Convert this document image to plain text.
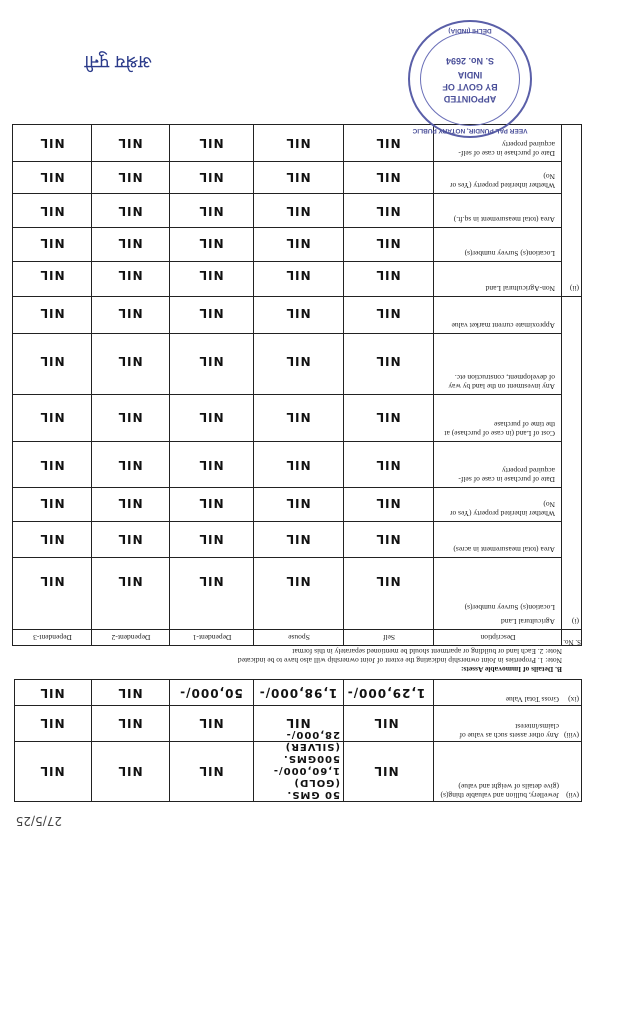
(vii)
Jewellery, bullion and valuable thing(s) (give details of weight and value)
NIL
50 GMS. (GOLD) 1,60,000/- 500GMS. (SILVER) 28,000/-
NIL
NIL
NIL
(viii)
Any other assets such as value of claims/interest
NIL
NIL
NIL
NIL
NIL
(ix)
Gross Total Value
1,29,000/-
1,98,000/-
50,000/-
NIL
NIL
B. Details of Immovable Assets:
Note: 1. Properties in Joint ownership indicating the extent of Joint ownership will also have to be indicated
Note: 2. Each land or building or apartment should be mentioned separately in this format
S. No.
Description
Self
Spouse
Dependent-1
Dependent-2
Dependent-3
(i)
Agricultural Land
(ii)
Non-Agricultural Land
Location(s) Survey number(s)
NIL
NIL
NIL
NIL
NIL
Area (total measurement in acres)
NIL
NIL
NIL
NIL
NIL
Whether inherited property (Yes or No)
NIL
NIL
NIL
NIL
NIL
Date of purchase in case of self-acquired property
NIL
NIL
NIL
NIL
NIL
Cost of Land (in case of purchase) at the time of purchase
NIL
NIL
NIL
NIL
NIL
Any investment on the land by way of development, construction etc.
NIL
NIL
NIL
NIL
NIL
Approximate current market value
NIL
NIL
NIL
NIL
NIL
NIL
NIL
NIL
NIL
NIL
Location(s) Survey number(s)
NIL
NIL
NIL
NIL
NIL
Area (total measurement in sq.ft.)
NIL
NIL
NIL
NIL
NIL
Whether inherited property (Yes or No)
NIL
NIL
NIL
NIL
NIL
Date of purchase in case of self-acquired property
NIL
NIL
NIL
NIL
NIL
VEER PAL PUNDIR, NOTARY PUBLIC
APPOINTED
BY GOVT OF
INDIA
S. No. 2694
DELHI (INDIA)
अश्रेय पुनी
27/5/25
